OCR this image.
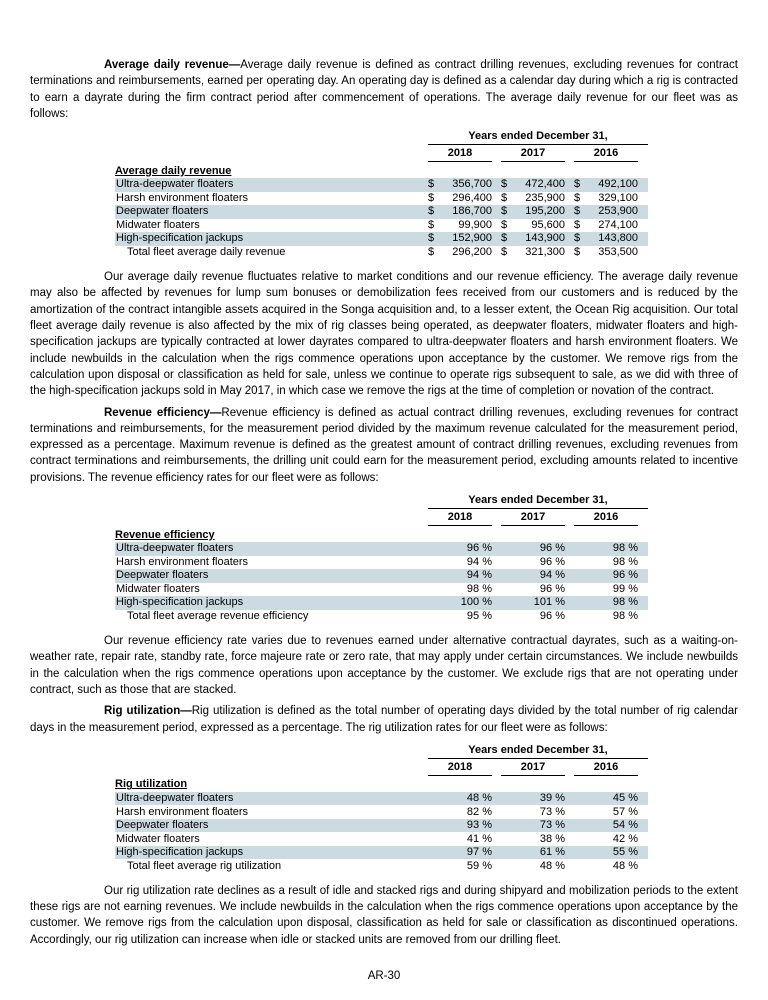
Average daily revenue—Average daily revenue is defined as contract drilling revenues, excluding revenues for contract terminations and reimbursements, earned per operating day. An operating day is defined as a calendar day during which a rig is contracted to earn a dayrate during the firm contract period after commencement of operations. The average daily revenue for our fleet was as follows:

Years ended December 31,
2018	2017	2016
Average daily revenue
Ultra-deepwater floaters	$	356,700 $	472,400 $	492,100
Harsh environment floaters	$	296,400 $	235,900 $	329,100
Deepwater floaters	$	186,700 $	195,200 $	253,900
Midwater floaters	$	99,900 $	95,600 $	274,100
High-specification jackups	$	152,900 $	143,900 $	143,800
Total fleet average daily revenue	$	296,200 $	321,300 $	353,500

Our average daily revenue fluctuates relative to market conditions and our revenue efficiency. The average daily revenue may also be affected by revenues for lump sum bonuses or demobilization fees received from our customers and is reduced by the amortization of the contract intangible assets acquired in the Songa acquisition and, to a lesser extent, the Ocean Rig acquisition. Our total fleet average daily revenue is also affected by the mix of rig classes being operated, as deepwater floaters, midwater floaters and high-specification jackups are typically contracted at lower dayrates compared to ultra-deepwater floaters and harsh environment floaters. We include newbuilds in the calculation when the rigs commence operations upon acceptance by the customer. We remove rigs from the calculation upon disposal or classification as held for sale, unless we continue to operate rigs subsequent to sale, as we did with three of the high-specification jackups sold in May 2017, in which case we remove the rigs at the time of completion or novation of the contract.

Revenue efficiency—Revenue efficiency is defined as actual contract drilling revenues, excluding revenues for contract terminations and reimbursements, for the measurement period divided by the maximum revenue calculated for the measurement period, expressed as a percentage. Maximum revenue is defined as the greatest amount of contract drilling revenues, excluding revenues from contract terminations and reimbursements, the drilling unit could earn for the measurement period, excluding amounts related to incentive provisions. The revenue efficiency rates for our fleet were as follows:

Years ended December 31,
2018	2017	2016
Revenue efficiency
Ultra-deepwater floaters	96 %	96 %	98 %
Harsh environment floaters	94 %	96 %	98 %
Deepwater floaters	94 %	94 %	96 %
Midwater floaters	98 %	96 %	99 %
High-specification jackups	100 %	101 %	98 %
Total fleet average revenue efficiency	95 %	96 %	98 %

Our revenue efficiency rate varies due to revenues earned under alternative contractual dayrates, such as a waiting-on-weather rate, repair rate, standby rate, force majeure rate or zero rate, that may apply under certain circumstances. We include newbuilds in the calculation when the rigs commence operations upon acceptance by the customer. We exclude rigs that are not operating under contract, such as those that are stacked.

Rig utilization—Rig utilization is defined as the total number of operating days divided by the total number of rig calendar days in the measurement period, expressed as a percentage. The rig utilization rates for our fleet were as follows:

Years ended December 31,
2018	2017	2016
Rig utilization
Ultra-deepwater floaters	48 %	39 %	45 %
Harsh environment floaters	82 %	73 %	57 %
Deepwater floaters	93 %	73 %	54 %
Midwater floaters	41 %	38 %	42 %
High-specification jackups	97 %	61 %	55 %
Total fleet average rig utilization	59 %	48 %	48 %

Our rig utilization rate declines as a result of idle and stacked rigs and during shipyard and mobilization periods to the extent these rigs are not earning revenues. We include newbuilds in the calculation when the rigs commence operations upon acceptance by the customer. We remove rigs from the calculation upon disposal, classification as held for sale or classification as discontinued operations. Accordingly, our rig utilization can increase when idle or stacked units are removed from our drilling fleet.

AR-30
